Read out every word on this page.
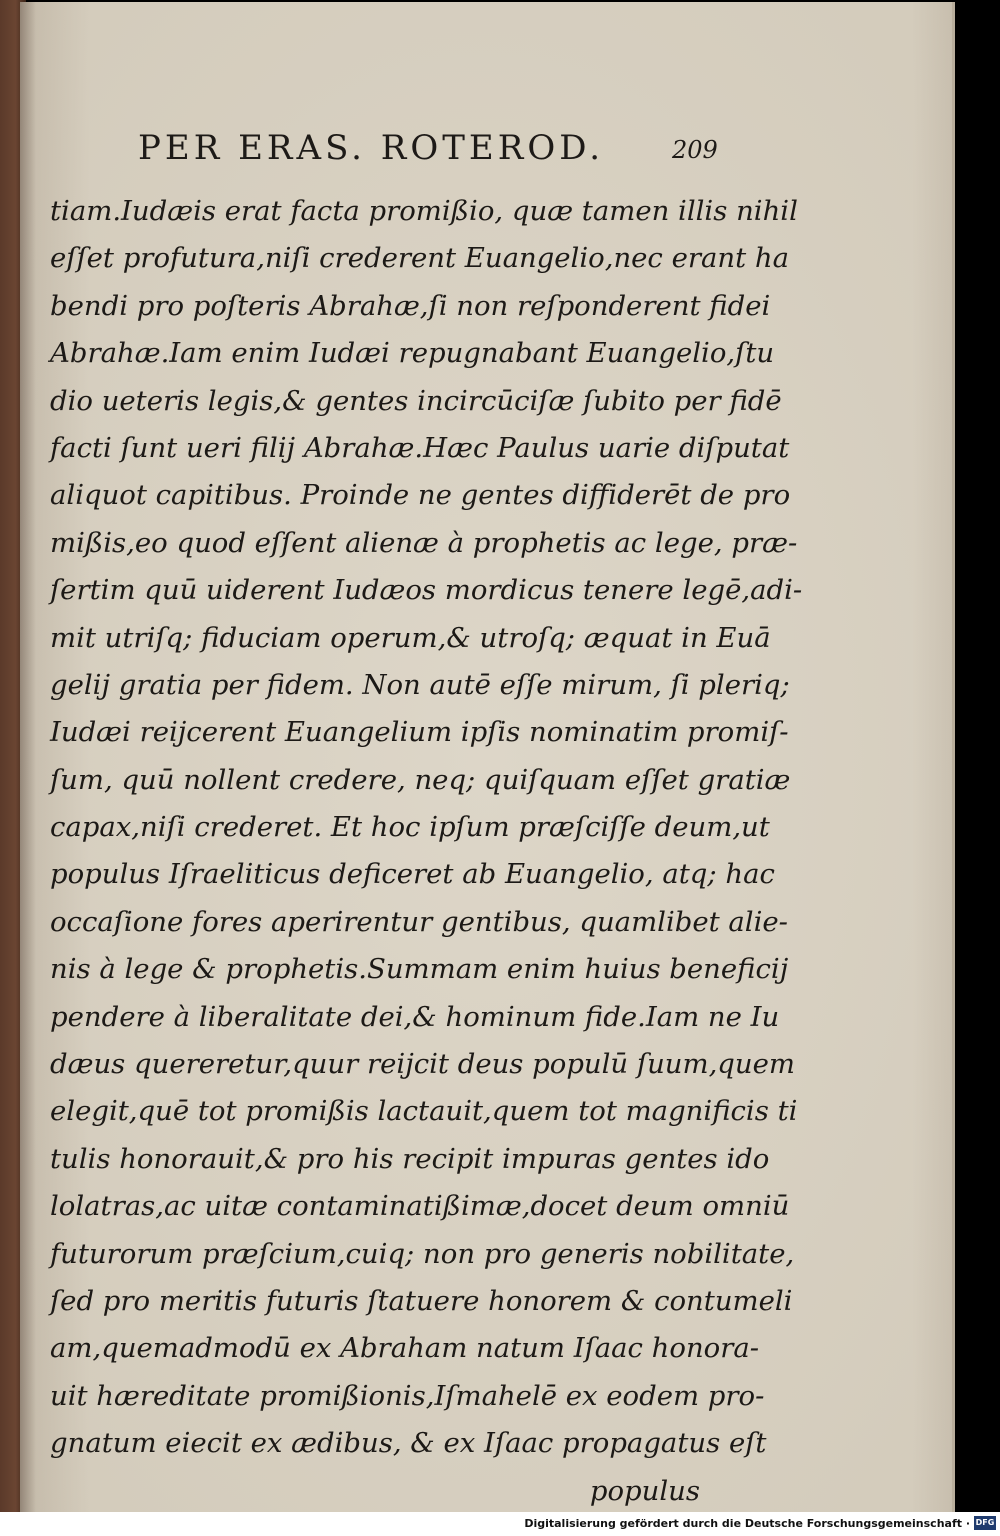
PER ERAS. ROTEROD.	209
tiam.Iudæis erat facta promißio, quæ tamen illis nihil
eſſet profutura,niſi crederent Euangelio,nec erant ha
bendi pro poſteris Abrahæ,ſi non reſponderent fidei
Abrahæ.Iam enim Iudæi repugnabant Euangelio,ſtu
dio ueteris legis,& gentes incircūciſæ ſubito per fidē
facti ſunt ueri filij Abrahæ.Hæc Paulus uarie diſputat
aliquot capitibus. Proinde ne gentes diffiderēt de pro
mißis,eo quod eſſent alienæ à prophetis ac lege, præ-
ſertim quū uiderent Iudæos mordicus tenere legē,adi-
mit utriſq; fiduciam operum,& utroſq; æquat in Euā
gelij gratia per fidem. Non autē eſſe mirum, ſi pleriq;
Iudæi reijcerent Euangelium ipſis nominatim promiſ-
ſum, quū nollent credere, neq; quiſquam eſſet gratiæ
capax,niſi crederet. Et hoc ipſum præſciſſe deum,ut
populus Iſraeliticus deficeret ab Euangelio, atq; hac
occaſione fores aperirentur gentibus, quamlibet alie-
nis à lege & prophetis.Summam enim huius beneficij
pendere à liberalitate dei,& hominum fide.Iam ne Iu
dæus quereretur,quur reijcit deus populū ſuum,quem
elegit,quē tot promißis lactauit,quem tot magnificis ti
tulis honorauit,& pro his recipit impuras gentes ido
lolatras,ac uitæ contaminatißimæ,docet deum omniū
futurorum præſcium,cuiq; non pro generis nobilitate,
ſed pro meritis futuris ſtatuere honorem & contumeli
am,quemadmodū ex Abraham natum Iſaac honora-
uit hæreditate promißionis,Iſmahelē ex eodem pro-
gnatum eiecit ex ædibus, & ex Iſaac propagatus eſt
populus
Digitalisierung gefördert durch die Deutsche Forschungsgemeinschaft · DFG
